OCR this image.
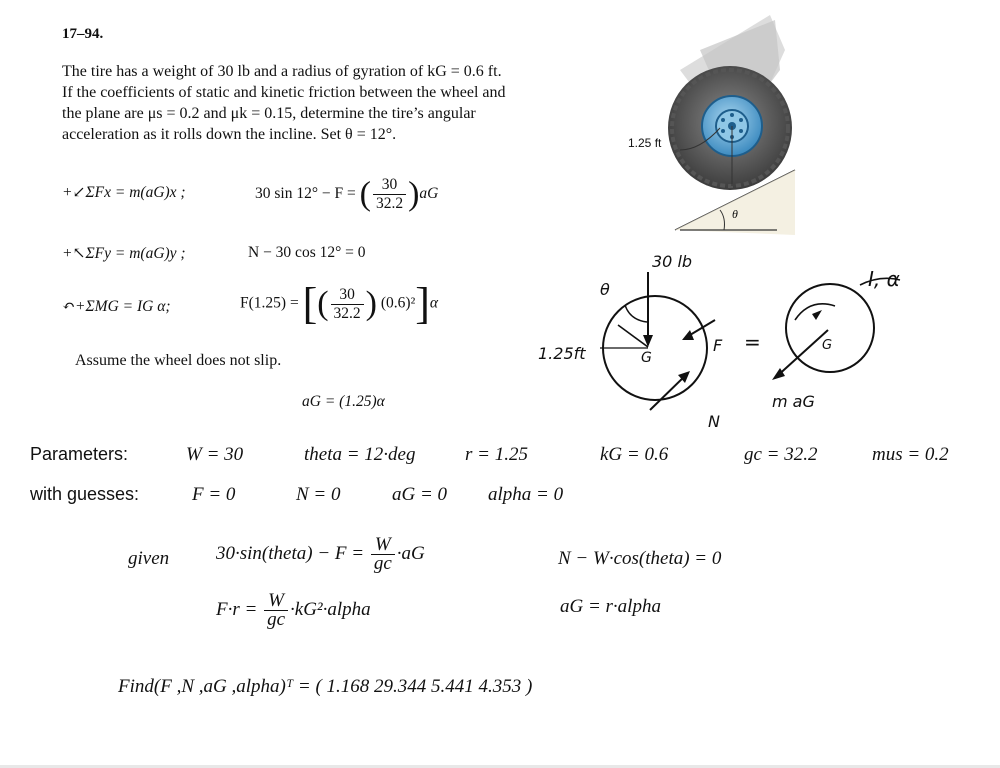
17–94.
The tire has a weight of 30 lb and a radius of gyration of kG = 0.6 ft. If the coefficients of static and kinetic friction between the wheel and the plane are μs = 0.2 and μk = 0.15, determine the tire’s angular acceleration as it rolls down the incline. Set θ = 12°.
+↙ΣFx = m(aG)x ;	30 sin 12° − F = ( $\frac{30}{32.2} )aG$
+↖ΣFy = m(aG)y ;	N − 30 cos 12° = 0
↶+ΣMG = IG α;	F(1.25) = [( $\frac{30}{32.2}$ ) (0.6)²]α
Assume the wheel does not slip.
aG = (1.25)α
1.25 ft
θ
30 lb
θ
1.25ft	G
F
N
=
I, α
G
m aG
Parameters:	W = 30	theta = 12·deg	r = 1.25	kG = 0.6	gc = 32.2	mus = 0.2
with guesses:	F = 0	N = 0	aG = 0 alpha = 0
given 30·sin(theta) − $F = \frac{W}{gc} \cdot aG$	N − W·cos(theta) = 0
$F\cdot r = \frac{W}{gc}$ ·kG²·alpha	aG = r·alpha
Find(F ,N ,aG ,alpha)ᵀ = ( 1.168 29.344 5.441 4.353 )
